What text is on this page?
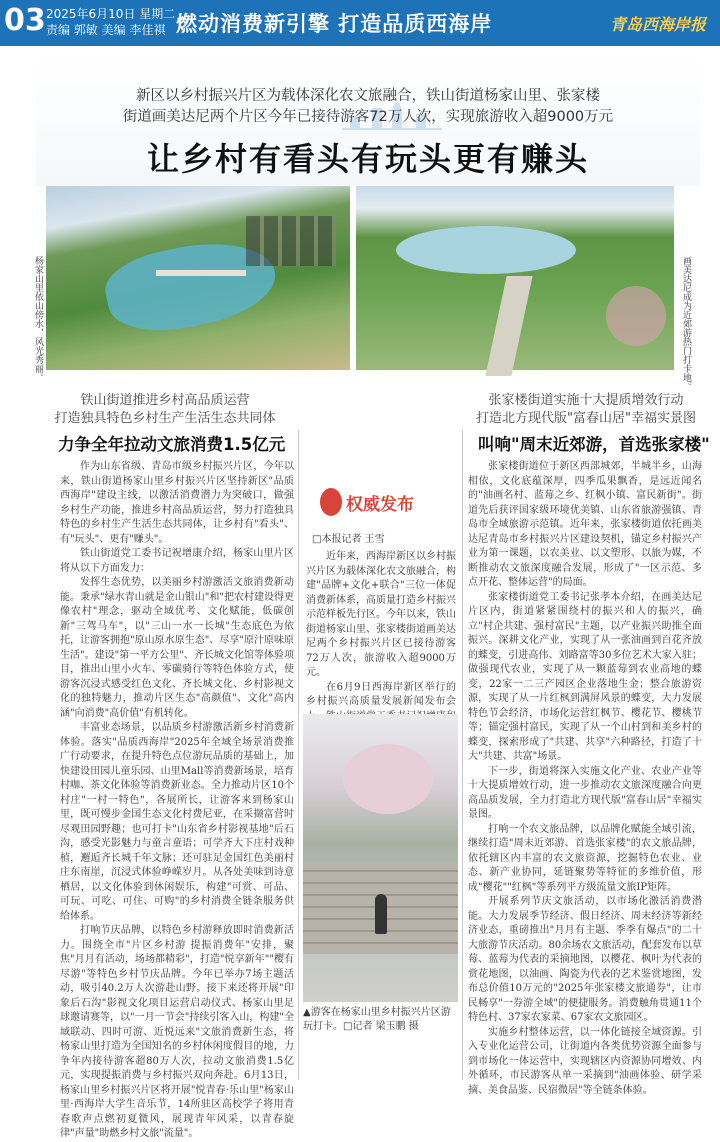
03 2025年6月10日 星期二
责编 郭敏 美编 李佳祺 燃动消费新引擎 打造品质西海岸	青岛西海岸报
新区以乡村振兴片区为载体深化农文旅融合，铁山街道杨家山里、张家楼
街道画美达尼两个片区今年已接待游客72万人次，实现旅游收入超9000万元
让乡村有看头有玩头更有赚头
杨家山里依山傍水，风光秀丽。	画美达尼成为近郊游热门打卡地。
铁山街道推进乡村高品质运营
打造独具特色乡村生产生活生态共同体
力争全年拉动文旅消费1.5亿元

作为山东省级、青岛市级乡村振兴片区，今年以来，铁山街道杨家山里乡村振兴片区坚持新区"品质西海岸"建设主线，以激活消费潜力为突破口，做强乡村生产功能，推进乡村高品质运营，努力打造独具特色的乡村生产生活生态共同体，让乡村有"看头"、有"玩头"、更有"赚头"。

铁山街道党工委书记祝增康介绍，杨家山里片区将从以下方面发力：

发挥生态优势，以美丽乡村游激活文旅消费新动能。秉承"绿水青山就是金山银山"和"把农村建设得更像农村"理念，驱动全域优考、文化赋能，低碳创新"三驾马车"，以"三山一水一长城"生态底色为依托，让游客拥抱"原山原水原生态"、尽享"原汁原味原生活"。建设"第一平方公里"、齐长城文化馆等体验项目，推出山里小火车、零碳骑行等特色体验方式，使游客沉浸式感受红色文化、齐长城文化、乡村影视文化的独特魅力，推动片区生态"高颜值"、文化"高内涵"向消费"高价值"有机转化。

丰富业态场景，以品质乡村游激活新乡村消费新体验。落实"品质西海岸"2025年全域全场景消费推广行动要求，在提升特色点位游玩品质的基础上，加快建设田园儿童乐园、山里Mall等消费新场景，培育村咖、茶文化体验等消费新业态。全力推动片区10个村庄"一村一特色"，各展所长，让游客来到杨家山里，既可慢步金国生态文化村费尼亚，在采撷富营时尽观田园野趣；也可打卡"山东省乡村影视基地"后石沟，感受光影魅力与童言童语；可学齐大下庄村戏种植，邂逅齐长城千年文脉；还可驻足金国红色美丽村庄东南崖，沉浸式体验峥嵘岁月。从各处美味到诗意栖居，以文化体验到休闲娱乐，构建"可赏、可品、可玩、可吃、可住、可购"的乡村消费全链条服务供给体系。

打响节庆品牌，以特色乡村游释放即时消费新活力。围绕全市"片区乡村游 提振消费年"安排，聚焦"月月有活动，场场都精彩"，打造"悦享新年""樱有尽游"等特色乡村节庆品牌。今年已举办7场主题活动，吸引40.2万人次游赴山野。接下来还将开展"印象后石沟"影视文化项目运营启动仪式、杨家山里足球邀请赛等，以"一月一节会"持续引客入山，构建"全域联动、四时可游、近悦远来"文旅消费新生态，将杨家山里打造为全国知名的乡村休闲度假目的地，力争年内接待游客超80万人次，拉动文旅消费1.5亿元，实现提振消费与乡村振兴双向奔赴。6月13日，杨家山里乡村振兴片区将开展"悦青春·乐山里"杨家山里·西海岸大学生音乐节，14所驻区高校学子将用青春歌声点燃初夏微风，展现青年风采，以青春旋律"声量"助燃乡村文旅"流量"。

权威发布
□本报记者 王雪

近年来，西海岸新区以乡村振兴片区为载体深化农文旅融合，构建"品牌+文化+联合"三位一体促消费新体系，高质量打造乡村振兴示范样板先行区。今年以来，铁山街道杨家山里、张家楼街道画美达尼两个乡村振兴片区已接待游客72万人次，旅游收入超9000万元。

在6月9日西海岸新区举行的乡村振兴高质量发展新闻发布会

▲游客在杨家山里乡村振兴片区游玩打卡。□记者 梁玉鹏 摄
张家楼街道实施十大提质增效行动
打造北方现代版"富春山居"幸福实景图
叫响"周末近郊游，首选张家楼"

张家楼街道位于新区西部城郊，半城半乡，山海相依，文化底蕴深厚，四季瓜果飘香，是远近闻名的"油画名村、蓝莓之乡、红枫小镇、富民新街"。街道先后获评国家级环境优美镇、山东省旅游强镇、青岛市全域旅游示范镇。近年来，张家楼街道依托画美达尼青岛市乡村振兴片区建设契机，锚定乡村振兴产业为第一课题，以农美业、以文塑形、以旅为媒，不断推动农文旅深度融合发展，形成了"一区示范、多点开花、整体运营"的局面。

张家楼街道党工委书记张孝本介绍，在画美达尼片区内，街道紧紧围绕村的振兴和人的振兴，确立"村企共建、强村富民"主题，以产业振兴助推全面振兴。深耕文化产业，实现了从一张油画到百花齐放的蝶变，引进高伟、刘路富等30多位艺术大家入驻；做强现代农业，实现了从一颗蓝莓到农业高地的蝶变，22家一二三产园区企业落地生金；整合旅游资源，实现了从一片红枫到满屏风景的蝶变，大力发展特色节会经济，市场化运营红枫节、樱花节、樱桃节等；锚定强村富民，实现了从一个山村到和美乡村的蝶变，探索形成了"共建、共享"六种路径，打造了十大"共建、共富"场景。

下一步，街道将深入实施文化产业、农业产业等十大提质增效行动，进一步推动农文旅深度融合向更高品质发展，全力打造北方现代版"富春山居"幸福实景图。

打响一个农文旅品牌，以品牌化赋能全域引流，继续打造"周末近郊游、首选张家楼"的农文旅品牌，依托辖区内丰富的农文旅资源，挖掘特色农业、业态、新产业协同，延链聚势等特征的多维价值，形成"樱花""红枫"等系列平方级流量文旅IP矩阵。

开展系列节庆文旅活动，以市场化激活消费潜能。大力发展季节经济、假日经济、周末经济等新经济业态，重磅推出"月月有主题、季季有爆点"的二十大旅游节庆活动。80余场农文旅活动，配套发布以草莓、蓝莓为代表的采摘地图，以樱花、枫叶为代表的赏花地图，以油画、陶瓷为代表的艺术鉴赏地图，发布总价值10万元的"2025年张家楼文旅通券"，让市民畅享"一券游全域"的便捷服务。消费触角贯通11个特色村、37家农家菜、67家农文旅园区。

实施乡村整体运营，以一体化链接全域资源。引入专业化运营公司，让街道内各类优势资源全面参与到市场化一体运营中，实现辖区内资源协同增效、内外循环，市民游客从单一采摘到"油画体验、研学采摘、美食品鉴、民宿微居"等全链条体验。
